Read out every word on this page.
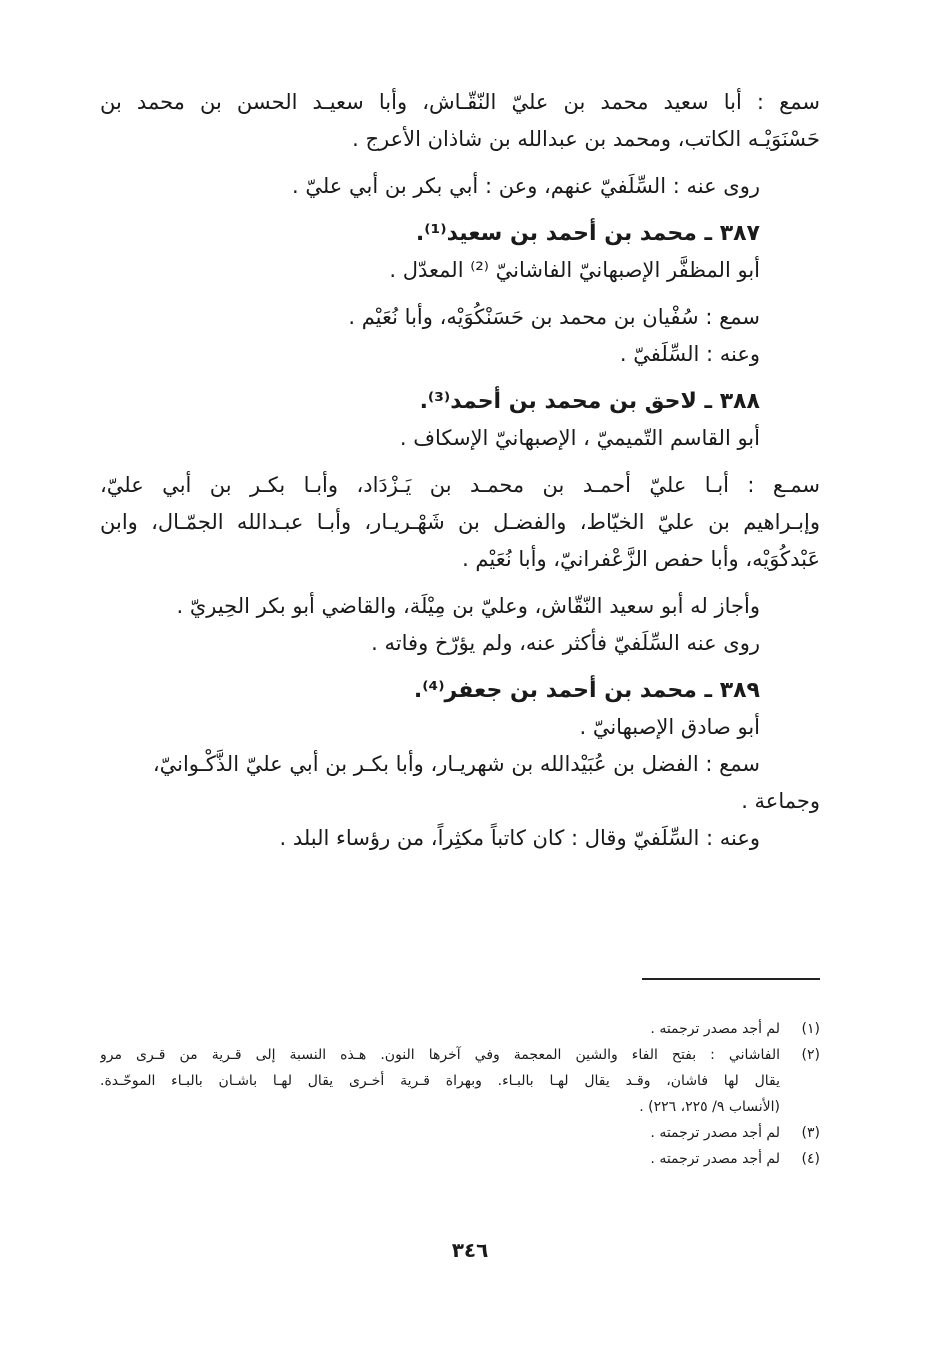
سمع : أبا سعيد محمد بن عليّ النّقّـاش، وأبا سعيـد الحسن بن محمد بن
حَسْنَوَيْـه الكاتب، ومحمد بن عبدالله بن شاذان الأعرج .
روى عنه : السِّلَفيّ عنهم، وعن : أبي بكر بن أبي عليّ .
٣٨٧ ـ محمد بن أحمد بن سعيد⁽¹⁾.
أبو المظفَّر الإصبهانيّ الفاشانيّ ⁽²⁾ المعدّل .
سمع : سُفْيان بن محمد بن حَسَنْكُوَيْه، وأبا نُعَيْم .
وعنه : السِّلَفيّ .
٣٨٨ ـ لاحق بن محمد بن أحمد⁽³⁾.
أبو القاسم التّميميّ ، الإصبهانيّ الإسكاف .
سمـع : أبـا عليّ أحمـد بن محمـد بن يَـزْدَاد، وأبـا بكـر بن أبي عليّ،
وإبـراهيم بن عليّ الخيّاط، والفضـل بن شَهْـريـار، وأبـا عبـدالله الجمّـال، وابن
عَبْدكُوَيْه، وأبا حفص الزَّعْفرانيّ، وأبا نُعَيْم .
وأجاز له أبو سعيد النّقّاش، وعليّ بن مِيْلَة، والقاضي أبو بكر الحِيريّ .
روى عنه السِّلَفيّ فأكثر عنه، ولم يؤرّخ وفاته .
٣٨٩ ـ محمد بن أحمد بن جعفر⁽⁴⁾.
أبو صادق الإصبهانيّ .
سمع : الفضل بن عُبَيْدالله بن شهريـار، وأبا بكـر بن أبي عليّ الذَّكْـوانيّ،
وجماعة .
وعنه : السِّلَفيّ وقال : كان كاتباً مكثِراً، من رؤساء البلد .
(١)
لم أجد مصدر ترجمته .
(٢)
الفاشاني : بفتح الفاء والشين المعجمة وفي آخرها النون. هـذه النسبة إلى قـرية من قـرى مرو
يقال لها فاشان، وقـد يقال لهـا بالبـاء. وبهراة قـرية أخـرى يقال لهـا باشـان بالبـاء الموحّـدة.
(الأنساب ٩/ ٢٢٥، ٢٢٦) .
(٣)
لم أجد مصدر ترجمته .
(٤)
لم أجد مصدر ترجمته .
٣٤٦
